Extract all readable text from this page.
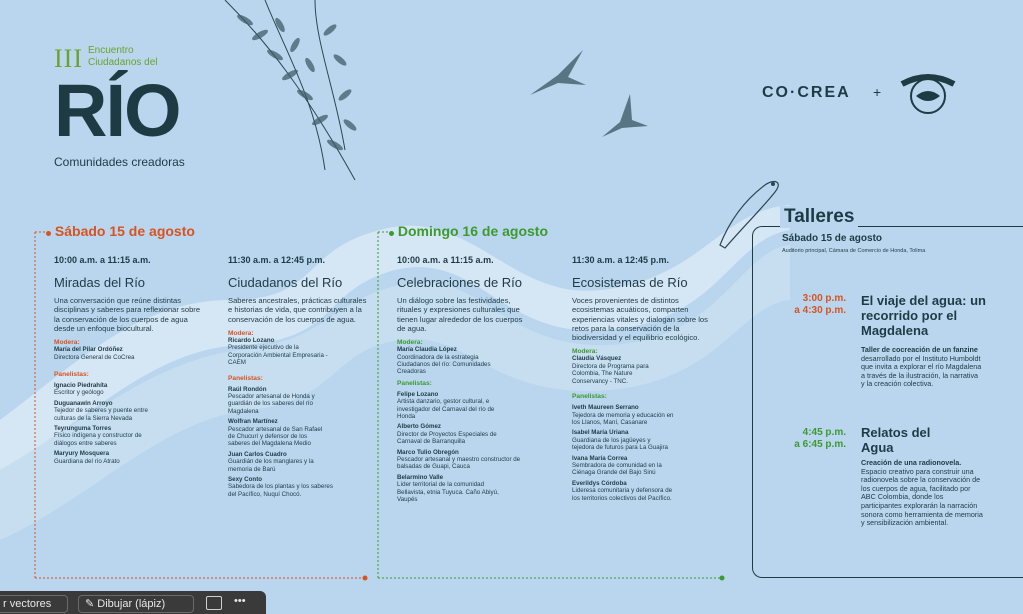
III Encuentro
Ciudadanos del
RÍO
Comunidades creadoras
CO·CREA +
Sábado 15 de agosto
10:00 a.m. a 11:15 a.m.
Miradas del Río
Una conversación que reúne distintas disciplinas y saberes para reflexionar sobre la conservación de los cuerpos de agua desde un enfoque biocultural.
Modera:
María del Pilar Ordóñez
Directora General de CoCrea
Panelistas:
Ignacio Piedrahíta
Escritor y geólogo
Duguanawin Arroyo
Tejedor de saberes y puente entre culturas de la Sierra Nevada
Teyrunguma Torres
Físico indígena y constructor de diálogos entre saberes
Maryury Mosquera
Guardiana del río Atrato
11:30 a.m. a 12:45 p.m.
Ciudadanos del Río
Saberes ancestrales, prácticas culturales e historias de vida, que contribuyen a la conservación de los cuerpos de agua.
Modera:
Ricardo Lozano
Presidente ejecutivo de la Corporación Ambiental Empresaria - CAEM
Panelistas:
Raúl Rondón
Pescador artesanal de Honda y guardián de los saberes del río Magdalena
Wolfran Martínez
Pescador artesanal de San Rafael de Chucurí y defensor de los saberes del Magdalena Medio
Juan Carlos Cuadro
Guardián de los manglares y la memoria de Barú
Sexy Conto
Sabedora de los plantas y los saberes del Pacífico, Nuquí Chocó.
Domingo 16 de agosto
10:00 a.m. a 11:15 a.m.
Celebraciones de Río
Un diálogo sobre las festividades, rituales y expresiones culturales que tienen lugar alrededor de los cuerpos de agua.
Modera:
María Claudia López
Coordinadora de la estrategia Ciudadanos del río: Comunidades Creadoras
Panelistas:
Felipe Lozano
Artista danzario, gestor cultural, e investigador del Carnaval del río de Honda
Alberto Gómez
Director de Proyectos Especiales de Carnaval de Barranquilla
Marco Tulio Obregón
Pescador artesanal y maestro constructor de balsadas de Guapi, Cauca
Belarmino Valle
Líder territorial de la comunidad Bellavista, etnia Tuyuca. Caño Abiyú, Vaupés
11:30 a.m. a 12:45 p.m.
Ecosistemas de Río
Voces provenientes de distintos ecosistemas acuáticos, comparten experiencias vitales y dialogan sobre los retos para la conservación de la biodiversidad y el equilibrio ecológico.
Modera:
Claudia Vásquez
Directora de Programa para Colombia, The Nature Conservancy - TNC.
Panelistas:
Iveth Maureen Serrano
Tejedora de memoria y educación en los Llanos, Maní, Casanare
Isabel María Uriana
Guardiana de los jagüeyes y tejedora de futuros para La Guajira
Ivana María Correa
Sembradora de comunidad en la Ciénaga Grande del Bajo Sinú
Everildys Córdoba
Lideresa comunitaria y defensora de los territorios colectivos del Pacífico.
Talleres
Sábado 15 de agosto
Auditorio principal, Cámara de Comercio de Honda, Tolima
3:00 p.m.
a 4:30 p.m.
El viaje del agua: un recorrido por el Magdalena
Taller de cocreación de un fanzine desarrollado por el Instituto Humboldt que invita a explorar el río Magdalena a través de la ilustración, la narrativa y la creación colectiva.
4:45 p.m.
a 6:45 p.m.
Relatos del Agua
Creación de una radionovela. Espacio creativo para construir una radionovela sobre la conservación de los cuerpos de agua, facilitado por ABC Colombia, donde los participantes explorarán la narración sonora como herramienta de memoria y sensibilización ambiental.
r vectores	✎ Dibujar (lápiz)	•••
